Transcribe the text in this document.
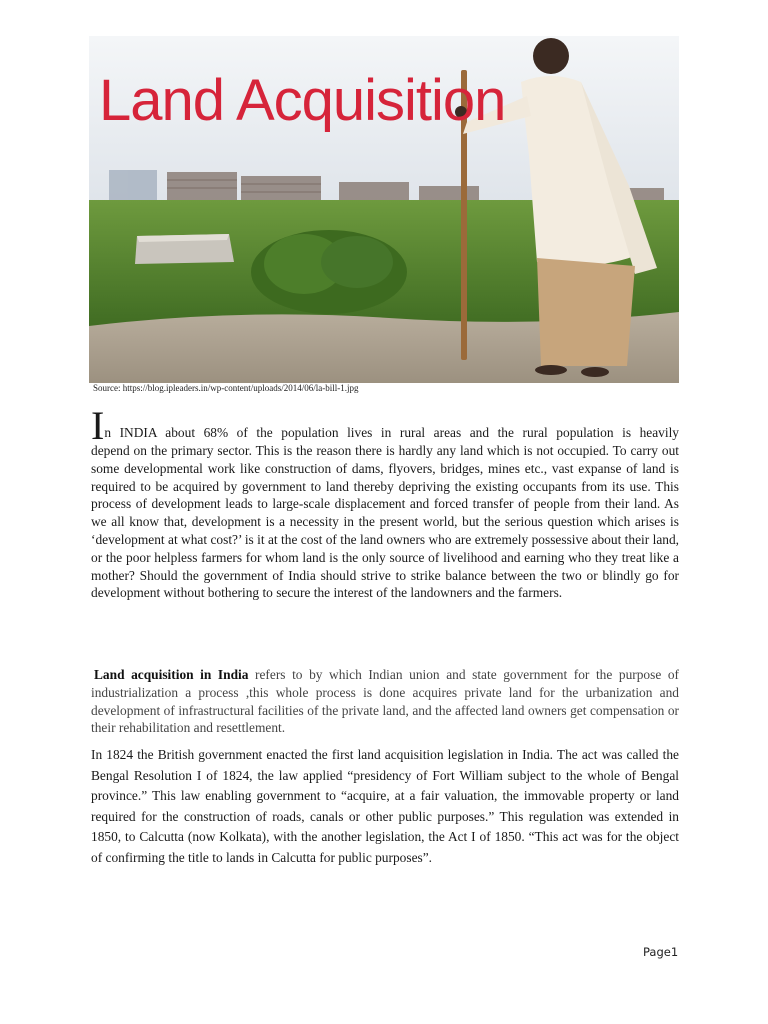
Land Acquisition
Source: https://blog.ipleaders.in/wp-content/uploads/2014/06/la-bill-1.jpg
In INDIA about 68% of the population lives in rural areas and the rural population is heavily
depend on the primary sector. This is the reason there is hardly any land which is not occupied. To carry out some developmental work like construction of dams, flyovers, bridges, mines etc., vast expanse of land is required to be acquired by government to land thereby depriving the existing occupants from its use. This process of development leads to large-scale displacement and forced transfer of people from their land. As we all know that, development is a necessity in the present world, but the serious question which arises is ‘development at what cost?’ is it at the cost of the land owners who are extremely possessive about their land, or the poor helpless farmers for whom land is the only source of livelihood and earning who they treat like a mother? Should the government of India should strive to strike balance between the two or blindly go for development without bothering to secure the interest of the landowners and the farmers.
Land acquisition in India refers to by which Indian union and state government for the purpose of industrialization a process ,this whole process is done acquires private land for the urbanization and development of infrastructural facilities of the private land, and the affected land owners get compensation or their rehabilitation and resettlement.
In 1824 the British government enacted the first land acquisition legislation in India. The act was called the Bengal Resolution I of 1824, the law applied “presidency of Fort William subject to the whole of Bengal province.” This law enabling government to “acquire, at a fair valuation, the immovable property or land required for the construction of roads, canals or other public purposes.” This regulation was extended in 1850, to Calcutta (now Kolkata), with the another legislation, the Act I of 1850. “This act was for the object of confirming the title to lands in Calcutta for public purposes”.
Page1
